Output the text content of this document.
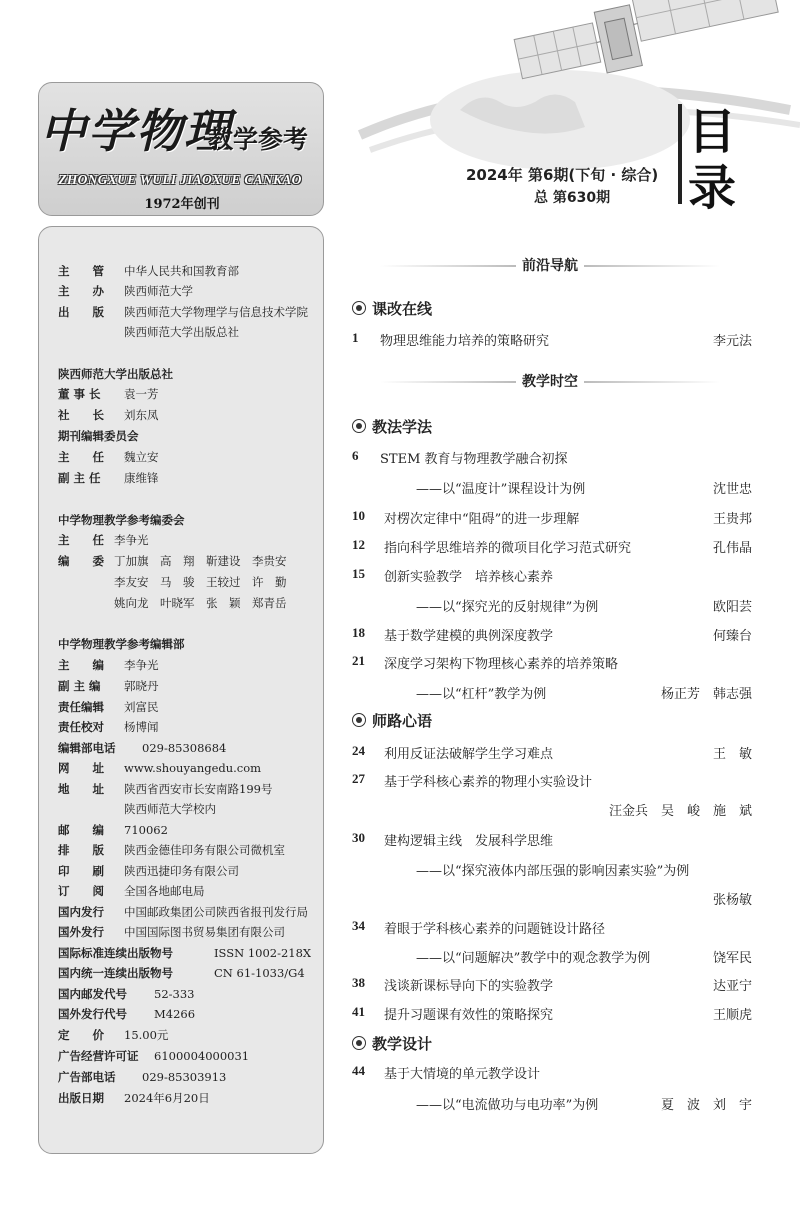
中学物理
教学参考
ZHONGXUE WULI JIAOXUE CANKAO
1972年创刊
2024年 第6期(下旬 · 综合)
总 第630期
目
录
主　　管 中华人民共和国教育部
主　　办 陕西师范大学
出　　版 陕西师范大学物理学与信息技术学院
陕西师范大学出版总社
陕西师范大学出版总社
董 事 长 袁一芳
社　　长 刘东凤
期刊编辑委员会
主　　任 魏立安
副 主 任 康维锋
中学物理教学参考编委会
主　　任 李争光
编　　委 丁加旗　高　翔　靳建设　李贵安
李友安　马　骏　王较过　许　勤
姚向龙　叶晓军　张　颖　郑青岳
中学物理教学参考编辑部
主　　编 李争光
副 主 编 郭晓丹
责任编辑 刘富民
责任校对 杨博闻
编辑部电话 029-85308684
网　　址 www.shouyangedu.com
地　　址 陕西省西安市长安南路199号
陕西师范大学校内
邮　　编 710062
排　　版 陕西金德佳印务有限公司微机室
印　　刷 陕西迅捷印务有限公司
订　　阅 全国各地邮电局
国内发行 中国邮政集团公司陕西省报刊发行局
国外发行 中国国际图书贸易集团有限公司
国际标准连续出版物号	ISSN 1002-218X
国内统一连续出版物号	CN 61-1033/G4
国内邮发代号 52-333
国外发行代号 M4266
定　　价 15.00元
广告经营许可证 6100004000031
广告部电话 029-85303913
出版日期 2024年6月20日
前沿导航
教学时空
课改在线
教法学法
师路心语
教学设计
1 物理思维能力培养的策略研究	李元法
6 STEM 教育与物理教学融合初探
——以“温度计”课程设计为例	沈世忠
10 对楞次定律中“阻碍”的进一步理解	王贵邦
12 指向科学思维培养的微项目化学习范式研究	孔伟晶
15 创新实验教学　培养核心素养
——以“探究光的反射规律”为例	欧阳芸
18 基于数学建模的典例深度教学	何臻台
21 深度学习架构下物理核心素养的培养策略
——以“杠杆”教学为例	杨正芳　韩志强
24 利用反证法破解学生学习难点	王　敏
27 基于学科核心素养的物理小实验设计
汪金兵　吴　峻　施　斌
30 建构逻辑主线　发展科学思维
——以“探究液体内部压强的影响因素实验”为例
张杨敏
34 着眼于学科核心素养的问题链设计路径
——以“问题解决”教学中的观念教学为例	饶军民
38 浅谈新课标导向下的实验教学	达亚宁
41 提升习题课有效性的策略探究	王顺虎
44 基于大情境的单元教学设计
——以“电流做功与电功率”为例	夏　波　刘　宇
